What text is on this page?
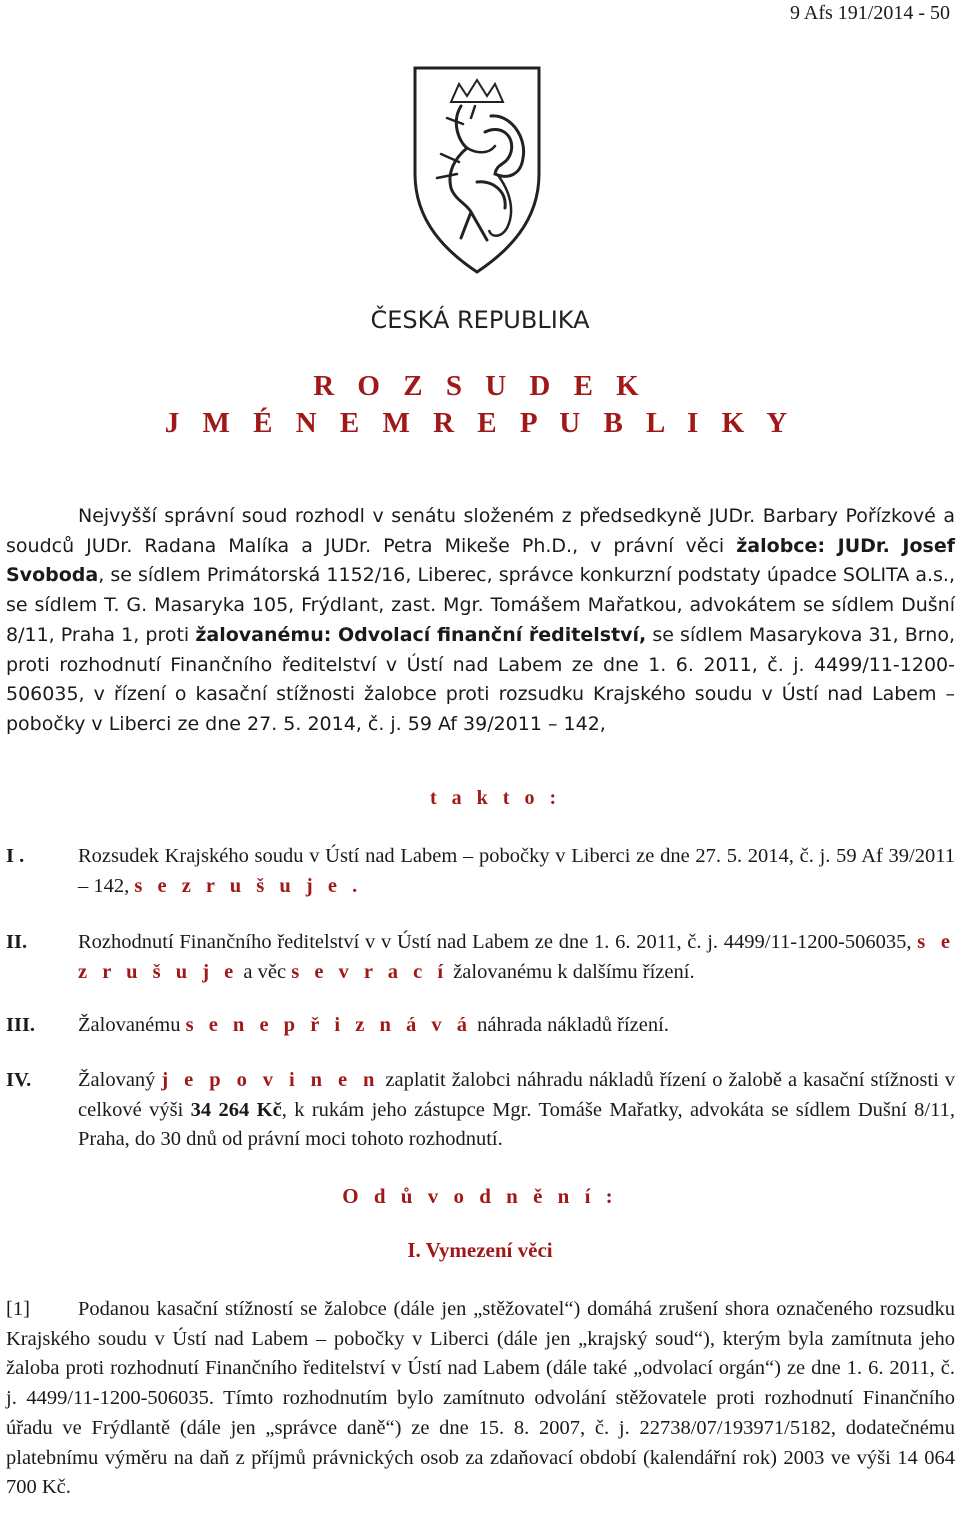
9 Afs 191/2014 - 50
ČESKÁ REPUBLIKA
R O Z S U D E K
J M É N E M R E P U B L I K Y
Nejvyšší správní soud rozhodl v senátu složeném z předsedkyně JUDr. Barbary Pořízkové a soudců JUDr. Radana Malíka a JUDr. Petra Mikeše Ph.D., v právní věci žalobce: JUDr. Josef Svoboda, se sídlem Primátorská 1152/16, Liberec, správce konkurzní podstaty úpadce SOLITA a.s., se sídlem T. G. Masaryka 105, Frýdlant, zast. Mgr. Tomášem Mařatkou, advokátem se sídlem Dušní 8/11, Praha 1, proti žalovanému: Odvolací finanční ředitelství, se sídlem Masarykova 31, Brno, proti rozhodnutí Finančního ředitelství v Ústí nad Labem ze dne 1. 6. 2011, č. j. 4499/11-1200-506035, v řízení o kasační stížnosti žalobce proti rozsudku Krajského soudu v Ústí nad Labem – pobočky v Liberci ze dne 27. 5. 2014, č. j. 59 Af 39/2011 – 142,
t a k t o :
I .	Rozsudek Krajského soudu v Ústí nad Labem – pobočky v Liberci ze dne 27. 5. 2014, č. j. 59 Af 39/2011 – 142, s e z r u š u j e .
II. Rozhodnutí Finančního ředitelství v v Ústí nad Labem ze dne 1. 6. 2011, č. j. 4499/11-1200-506035, s e z r u š u j e a věc s e v r a c í žalovanému k dalšímu řízení.
III. Žalovanému s e n e p ř i z n á v á náhrada nákladů řízení.
IV. Žalovaný j e p o v i n e n zaplatit žalobci náhradu nákladů řízení o žalobě a kasační stížnosti v celkové výši 34 264 Kč, k rukám jeho zástupce Mgr. Tomáše Mařatky, advokáta se sídlem Dušní 8/11, Praha, do 30 dnů od právní moci tohoto rozhodnutí.
O d ů v o d n ě n í :
I. Vymezení věci
[1]	Podanou kasační stížností se žalobce (dále jen „stěžovatel“) domáhá zrušení shora označeného rozsudku Krajského soudu v Ústí nad Labem – pobočky v Liberci (dále jen „krajský soud“), kterým byla zamítnuta jeho žaloba proti rozhodnutí Finančního ředitelství v Ústí nad Labem (dále také „odvolací orgán“) ze dne 1. 6. 2011, č. j. 4499/11-1200-506035. Tímto rozhodnutím bylo zamítnuto odvolání stěžovatele proti rozhodnutí Finančního úřadu ve Frýdlantě (dále jen „správce daně“) ze dne 15. 8. 2007, č. j. 22738/07/193971/5182, dodatečnému platebnímu výměru na daň z příjmů právnických osob za zdaňovací období (kalendářní rok) 2003 ve výši 14 064 700 Kč.
